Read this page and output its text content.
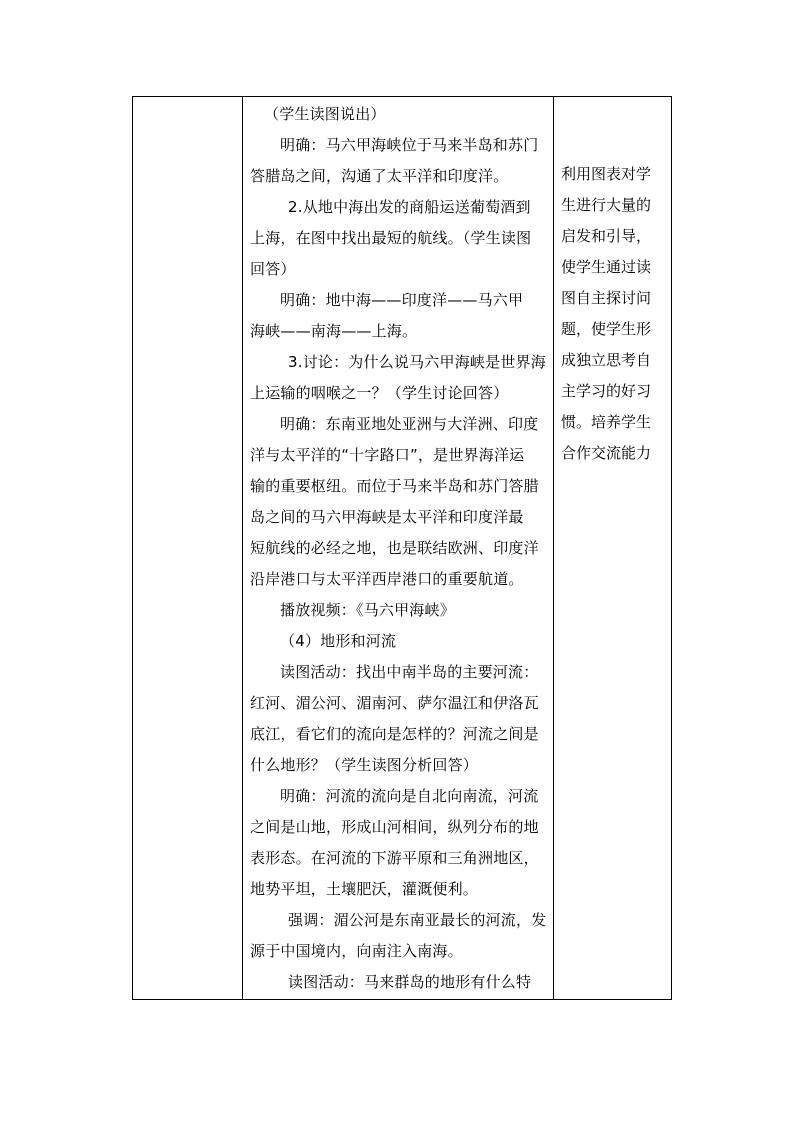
（学生读图说出）
明确：马六甲海峡位于马来半岛和苏门
答腊岛之间，沟通了太平洋和印度洋。
2.从地中海出发的商船运送葡萄酒到
上海，在图中找出最短的航线。（学生读图
回答）
明确：地中海——印度洋——马六甲
海峡——南海——上海。
3.讨论：为什么说马六甲海峡是世界海
上运输的咽喉之一？（学生讨论回答）
明确：东南亚地处亚洲与大洋洲、印度
洋与太平洋的“十字路口”，是世界海洋运
输的重要枢纽。而位于马来半岛和苏门答腊
岛之间的马六甲海峡是太平洋和印度洋最
短航线的必经之地，也是联结欧洲、印度洋
沿岸港口与太平洋西岸港口的重要航道。
播放视频：《马六甲海峡》
（4）地形和河流
读图活动：找出中南半岛的主要河流：
红河、湄公河、湄南河、萨尔温江和伊洛瓦
底江，看它们的流向是怎样的？河流之间是
什么地形？（学生读图分析回答）
明确：河流的流向是自北向南流，河流
之间是山地，形成山河相间，纵列分布的地
表形态。在河流的下游平原和三角洲地区，
地势平坦，土壤肥沃，灌溉便利。
强调：湄公河是东南亚最长的河流，发
源于中国境内，向南注入南海。
读图活动：马来群岛的地形有什么特
利用图表对学
生进行大量的
启发和引导，
使学生通过读
图自主探讨问
题，使学生形
成独立思考自
主学习的好习
惯。培养学生
合作交流能力
